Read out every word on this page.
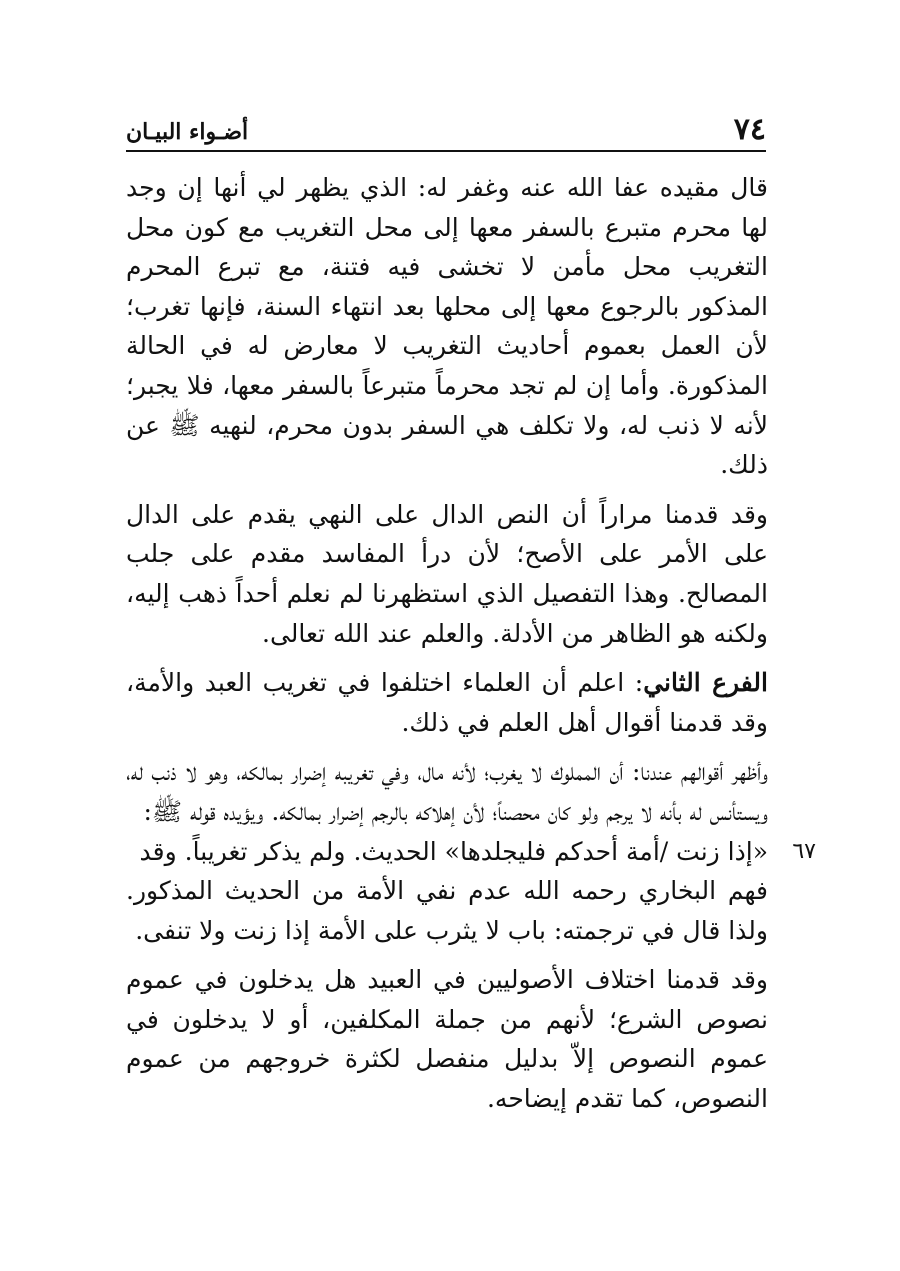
٧٤
أضـواء البيـان

قال مقيده عفا الله عنه وغفر له: الذي يظهر لي أنها إن وجد لها محرم متبرع بالسفر معها إلى محل التغريب مع كون محل التغريب محل مأمن لا تخشى فيه فتنة، مع تبرع المحرم المذكور بالرجوع معها إلى محلها بعد انتهاء السنة، فإنها تغرب؛ لأن العمل بعموم أحاديث التغريب لا معارض له في الحالة المذكورة. وأما إن لم تجد محرماً متبرعاً بالسفر معها، فلا يجبر؛ لأنه لا ذنب له، ولا تكلف هي السفر بدون محرم، لنهيه ﷺ عن ذلك.

وقد قدمنا مراراً أن النص الدال على النهي يقدم على الدال على الأمر على الأصح؛ لأن درأ المفاسد مقدم على جلب المصالح. وهذا التفصيل الذي استظهرنا لم نعلم أحداً ذهب إليه، ولكنه هو الظاهر من الأدلة. والعلم عند الله تعالى.

الفرع الثاني: اعلم أن العلماء اختلفوا في تغريب العبد والأمة، وقد قدمنا أقوال أهل العلم في ذلك.

وأظهر أقوالهم عندنا: أن المملوك لا يغرب؛ لأنه مال، وفي تغريبه إضرار بمالكه، وهو لا ذنب له، ويستأنس له بأنه لا يرجم ولو كان محصناً؛ لأن إهلاكه بالرجم إضرار بمالكه. ويؤيده قوله ﷺ:
٦٧
«إذا زنت /أمة أحدكم فليجلدها» الحديث. ولم يذكر تغريباً. وقد
فهم البخاري رحمه الله عدم نفي الأمة من الحديث المذكور. ولذا قال في ترجمته: باب لا يثرب على الأمة إذا زنت ولا تنفى.

وقد قدمنا اختلاف الأصوليين في العبيد هل يدخلون في عموم نصوص الشرع؛ لأنهم من جملة المكلفين، أو لا يدخلون في عموم النصوص إلاّ بدليل منفصل لكثرة خروجهم من عموم النصوص، كما تقدم إيضاحه.
